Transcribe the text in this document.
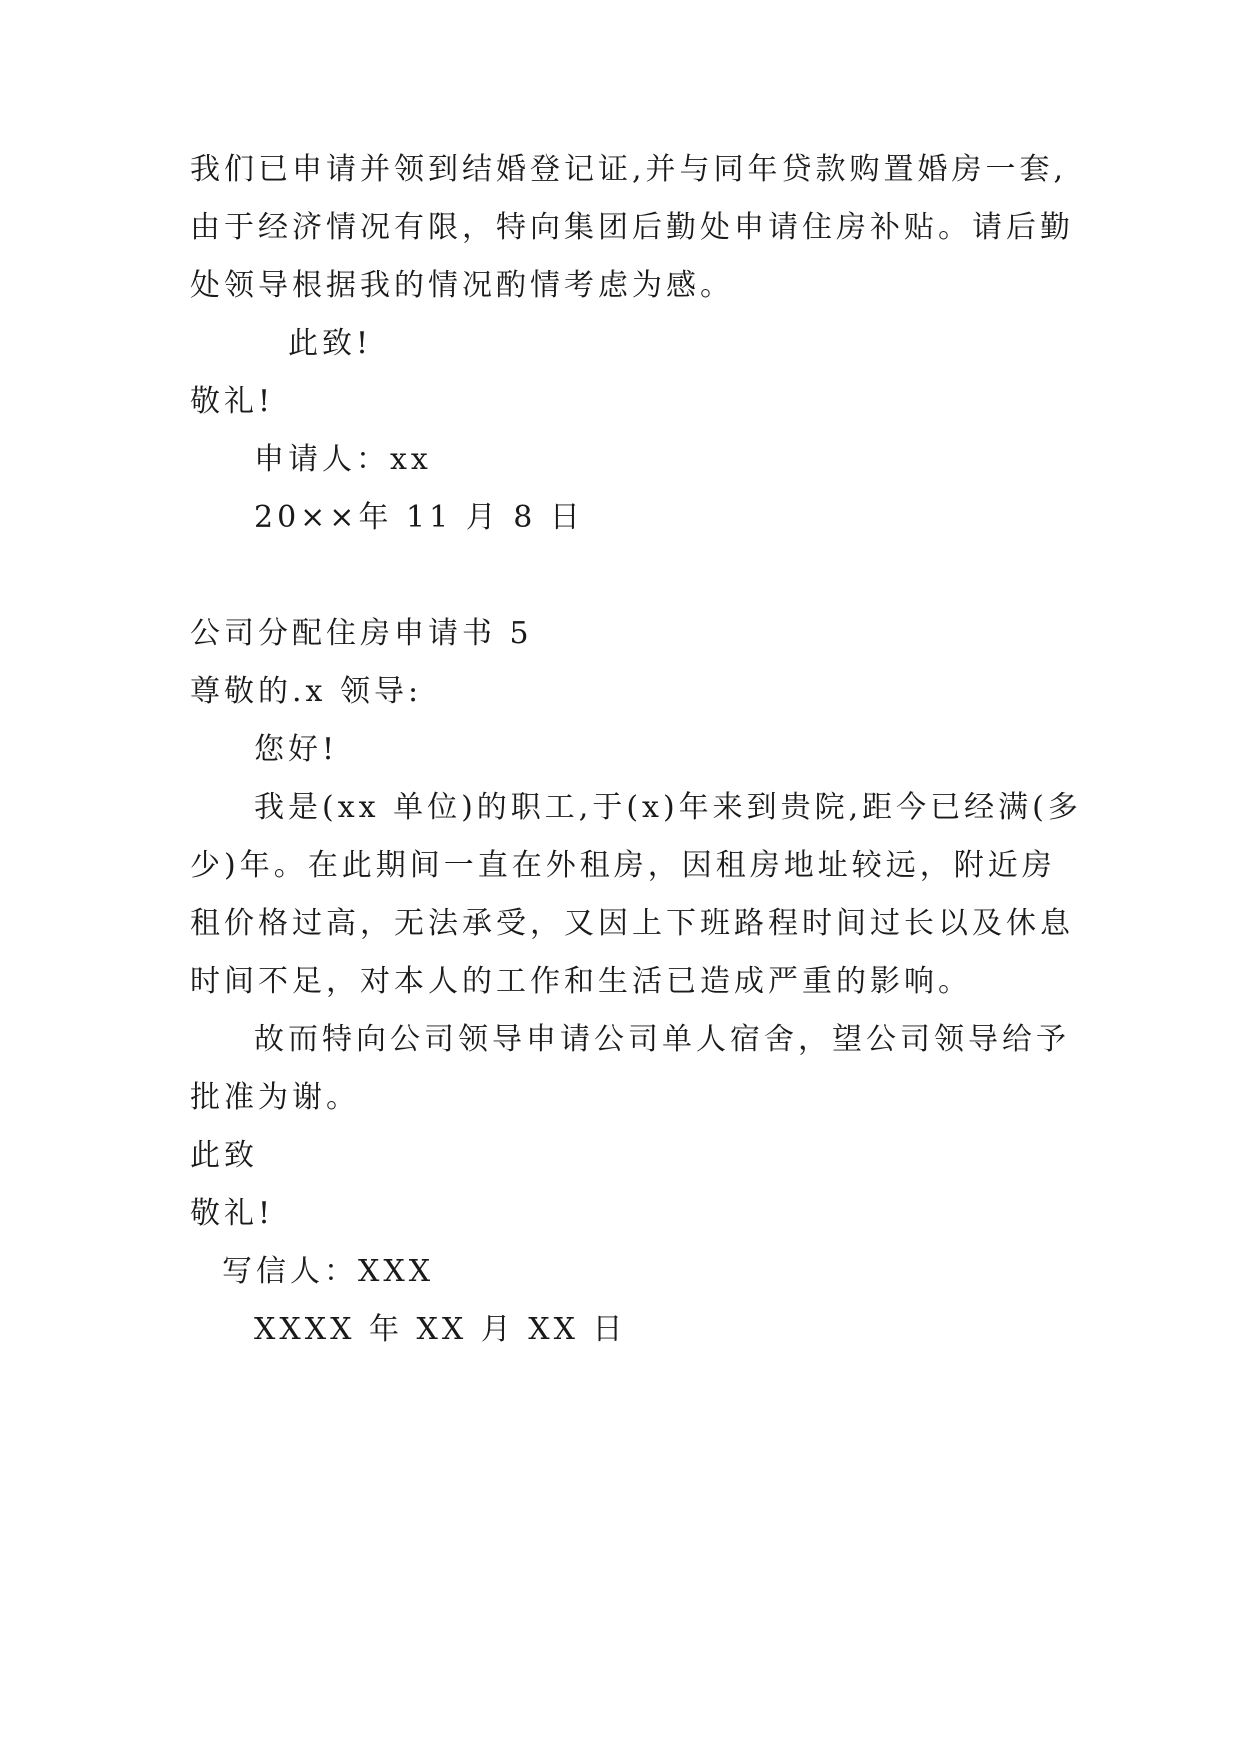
我们已申请并领到结婚登记证,并与同年贷款购置婚房一套,
由于经济情况有限，特向集团后勤处申请住房补贴。请后勤
处领导根据我的情况酌情考虑为感。
此致!
敬礼!
申请人：xx
20××年 11 月 8 日
公司分配住房申请书 5
尊敬的.x 领导:
您好!
我是(xx 单位)的职工,于(x)年来到贵院,距今已经满(多
少)年。在此期间一直在外租房，因租房地址较远，附近房
租价格过高，无法承受，又因上下班路程时间过长以及休息
时间不足，对本人的工作和生活已造成严重的影响。
故而特向公司领导申请公司单人宿舍，望公司领导给予
批准为谢。
此致
敬礼!
写信人：XXX
XXXX 年 XX 月 XX 日
